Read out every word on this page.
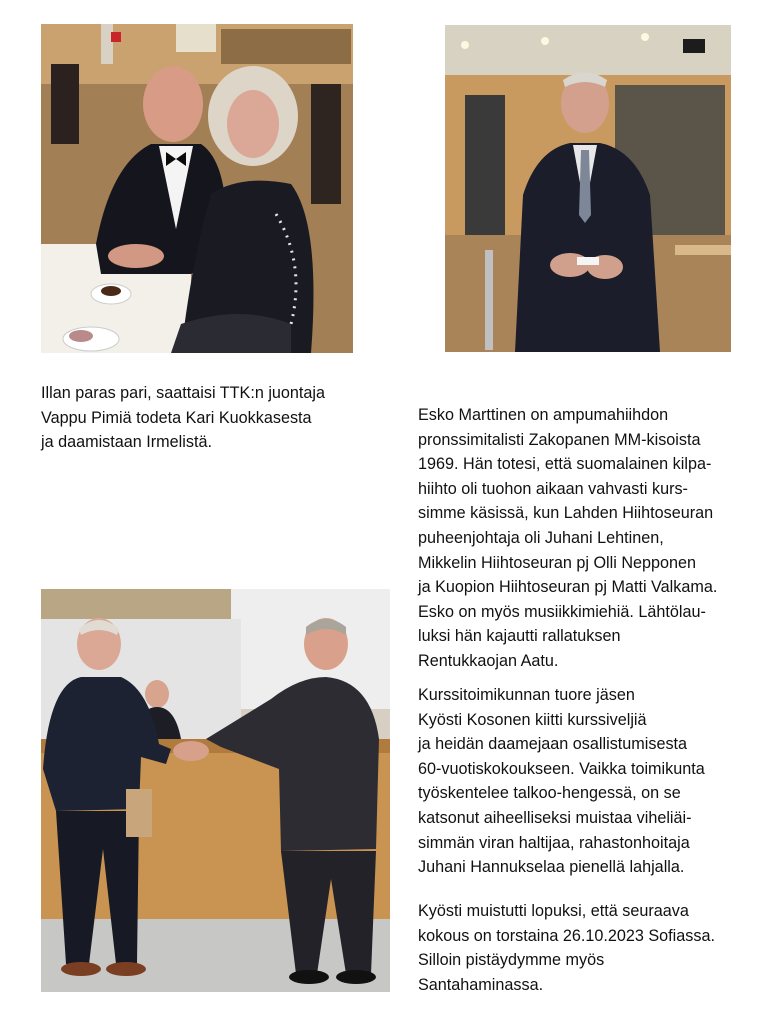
Illan paras pari, saattaisi TTK:n juontaja
Vappu Pimiä todeta Kari Kuokkasesta
ja daamistaan Irmelistä.

Esko Marttinen on ampumahiihdon
pronssimitalisti Zakopanen MM-kisoista
1969. Hän totesi, että suomalainen kilpa-
hiihto oli tuohon aikaan vahvasti kurs-
simme käsissä, kun Lahden Hiihtoseuran
puheenjohtaja oli Juhani Lehtinen,
Mikkelin Hiihtoseuran pj Olli Nepponen
ja Kuopion Hiihtoseuran pj Matti Valkama.
Esko on myös musiikkimiehiä. Lähtölau-
luksi hän kajautti rallatuksen
Rentukkaojan Aatu.

Kurssitoimikunnan tuore jäsen
Kyösti Kosonen kiitti kurssiveljiä
ja heidän daamejaan osallistumisesta
60-vuotiskokoukseen. Vaikka toimikunta
työskentelee talkoo-hengessä, on se
katsonut aiheelliseksi muistaa viheliäi-
simmän viran haltijaa, rahastonhoitaja
Juhani Hannukselaa pienellä lahjalla.

Kyösti muistutti lopuksi, että seuraava
kokous on torstaina 26.10.2023 Sofiassa.
Silloin pistäydymme myös
Santahaminassa.
